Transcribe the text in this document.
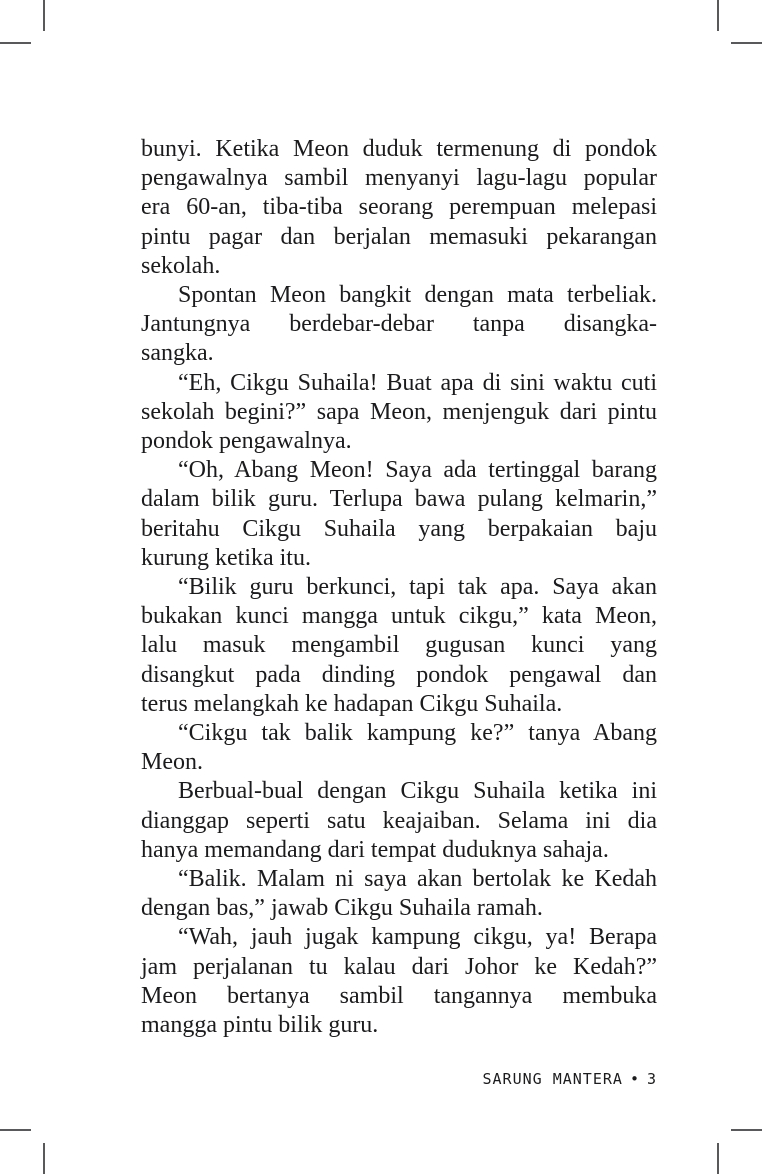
bunyi. Ketika Meon duduk termenung di pondok
pengawalnya sambil menyanyi lagu-lagu popular
era 60-an, tiba-tiba seorang perempuan melepasi
pintu pagar dan berjalan memasuki pekarangan
sekolah.
Spontan Meon bangkit dengan mata terbeliak.
Jantungnya berdebar-debar tanpa disangka-
sangka.
“Eh, Cikgu Suhaila! Buat apa di sini waktu cuti
sekolah begini?” sapa Meon, menjenguk dari pintu
pondok pengawalnya.
“Oh, Abang Meon! Saya ada tertinggal barang
dalam bilik guru. Terlupa bawa pulang kelmarin,”
beritahu Cikgu Suhaila yang berpakaian baju
kurung ketika itu.
“Bilik guru berkunci, tapi tak apa. Saya akan
bukakan kunci mangga untuk cikgu,” kata Meon,
lalu masuk mengambil gugusan kunci yang
disangkut pada dinding pondok pengawal dan
terus melangkah ke hadapan Cikgu Suhaila.
“Cikgu tak balik kampung ke?” tanya Abang
Meon.
Berbual-bual dengan Cikgu Suhaila ketika ini
dianggap seperti satu keajaiban. Selama ini dia
hanya memandang dari tempat duduknya sahaja.
“Balik. Malam ni saya akan bertolak ke Kedah
dengan bas,” jawab Cikgu Suhaila ramah.
“Wah, jauh jugak kampung cikgu, ya! Berapa
jam perjalanan tu kalau dari Johor ke Kedah?”
Meon bertanya sambil tangannya membuka
mangga pintu bilik guru.
SARUNG MANTERA • 3
